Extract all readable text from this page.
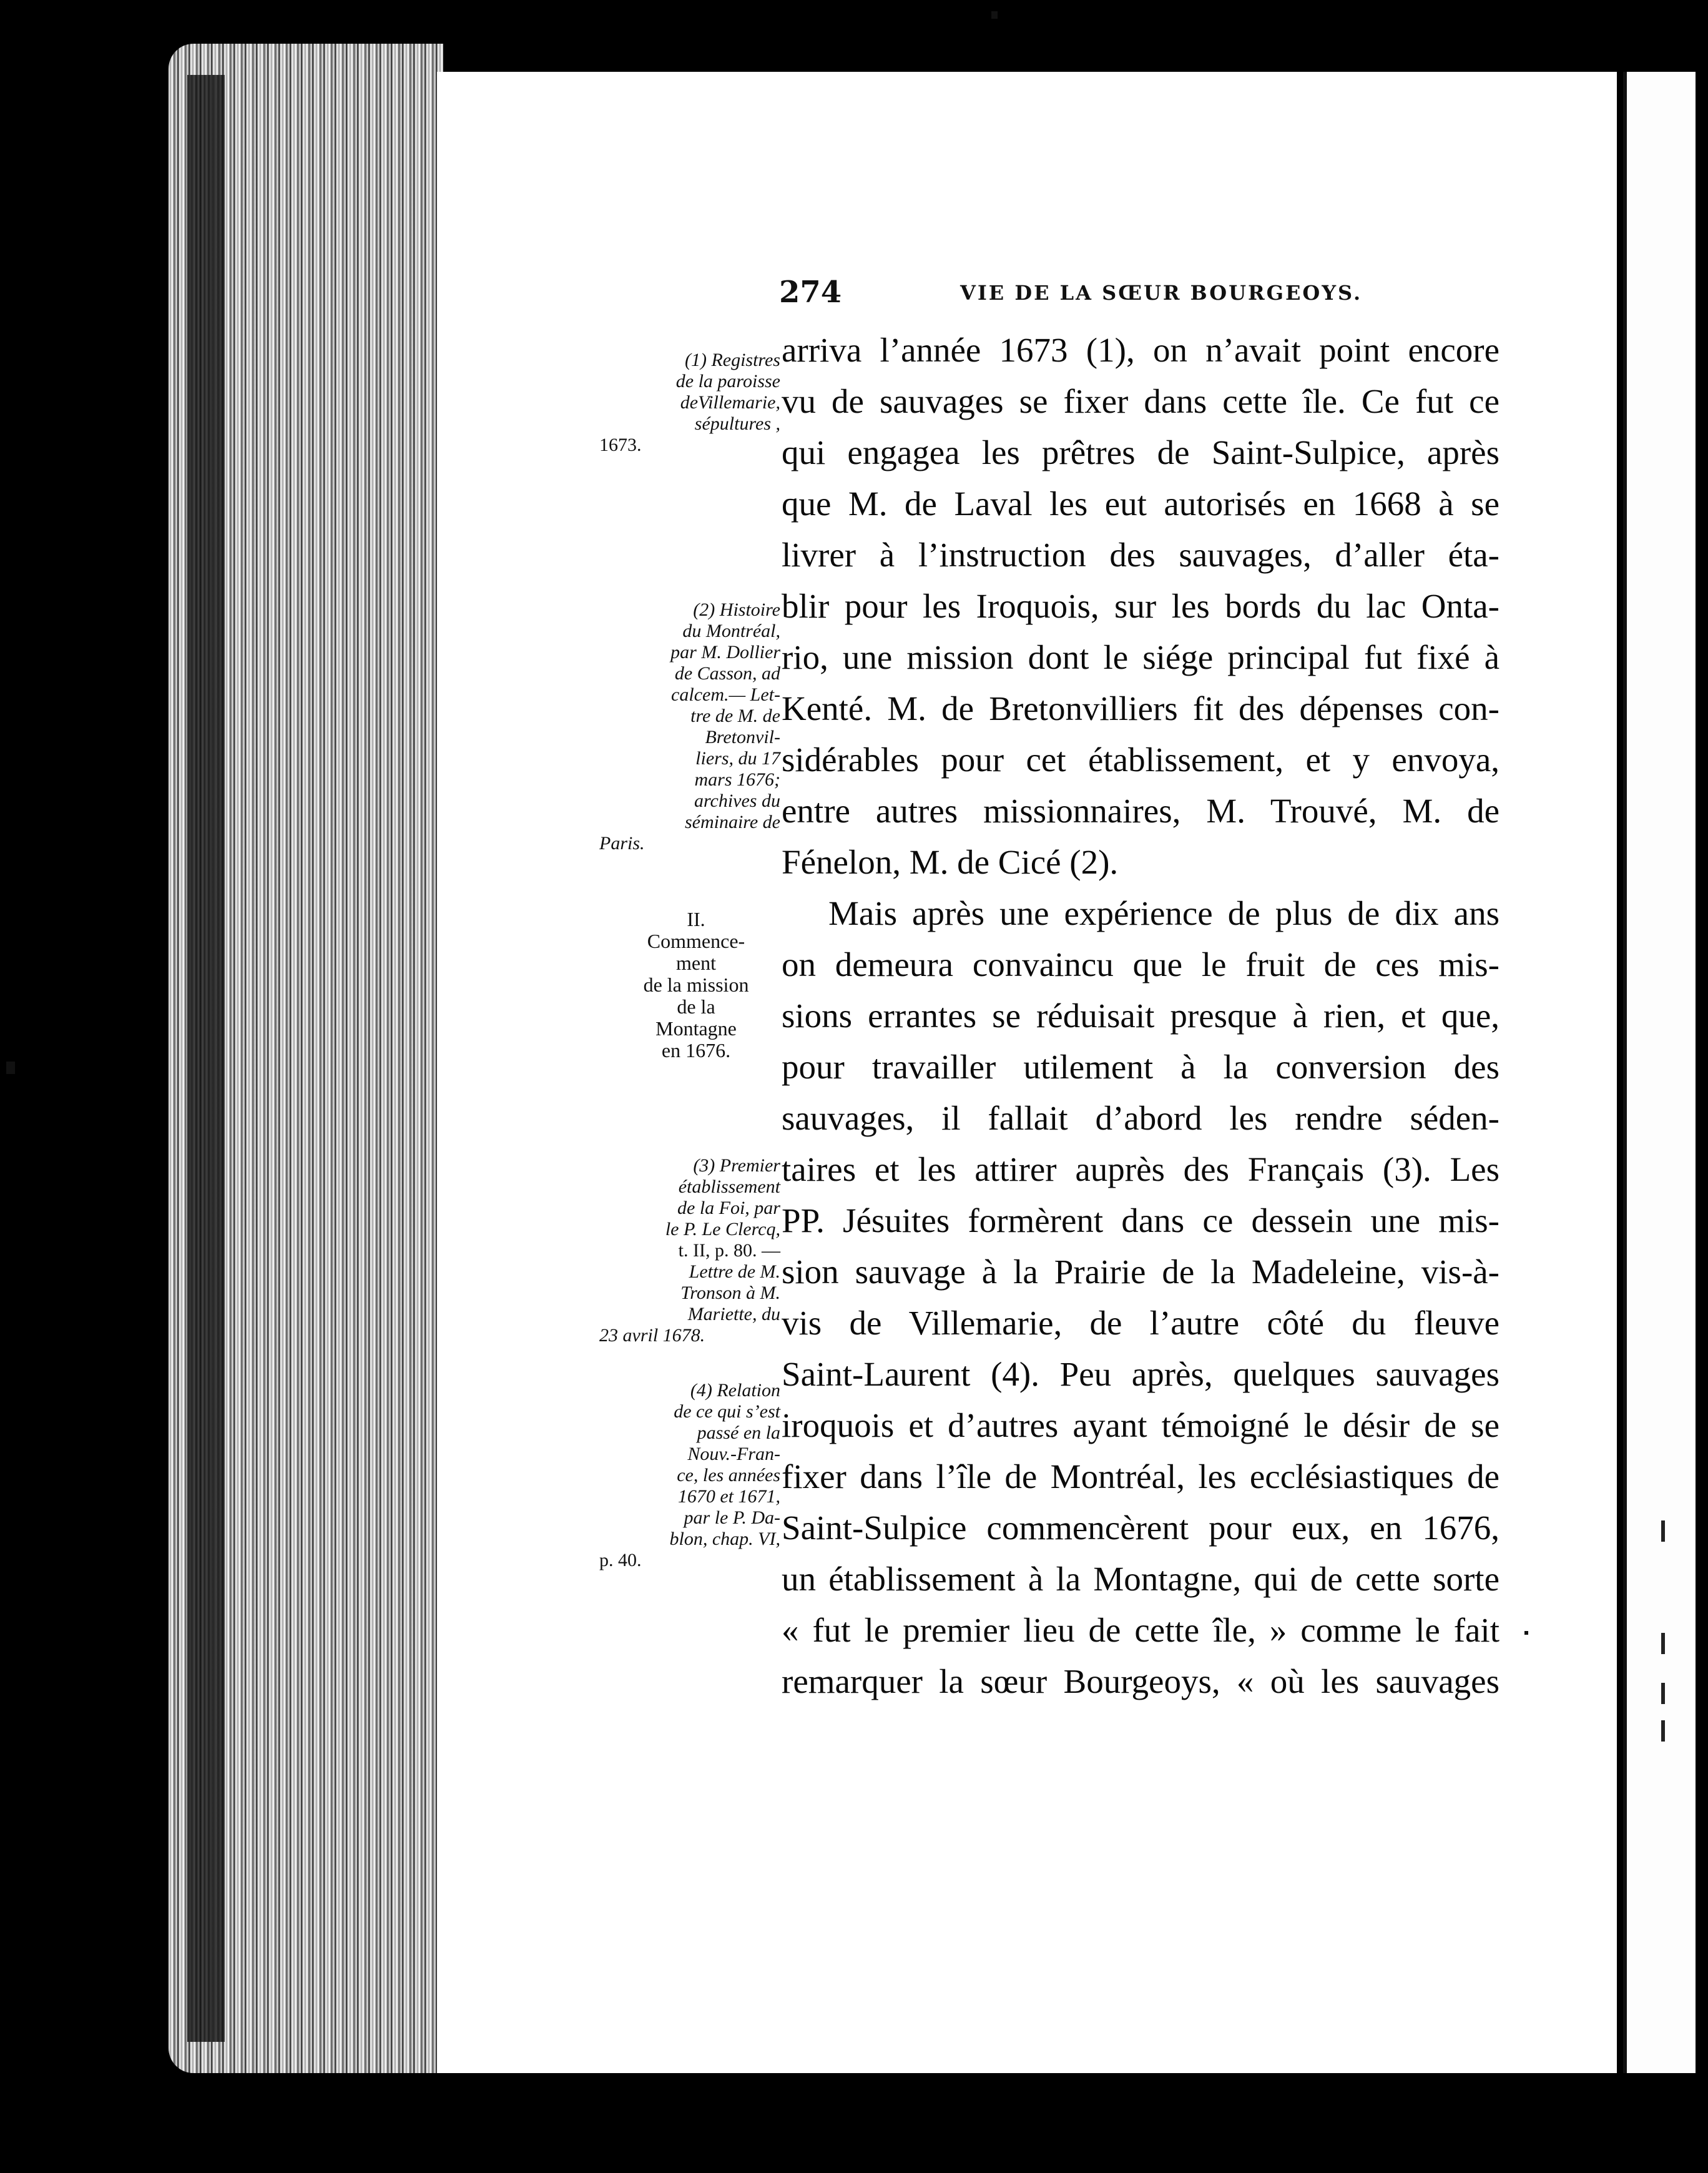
274	VIE DE LA SŒUR BOURGEOYS.
(1) Registres
de la paroisse
deVillemarie,
sépultures ,
1673.
(2) Histoire
du Montréal,
par M. Dollier
de Casson, ad
calcem.— Let-
tre de M. de
Bretonvil-
liers, du 17
mars 1676;
archives du
séminaire de
Paris.
II.
Commence-
ment
de la mission
de la
Montagne
en 1676.
(3) Premier
établissement
de la Foi, par
le P. Le Clercq,
t. II, p. 80. —
Lettre de M.
Tronson à M.
Mariette, du
23 avril 1678.
(4) Relation
de ce qui s’est
passé en la
Nouv.-Fran-
ce, les années
1670 et 1671,
par le P. Da-
blon, chap. VI,
p. 40.
arriva l’année 1673 (1), on n’avait point encore
vu de sauvages se fixer dans cette île. Ce fut ce
qui engagea les prêtres de Saint-Sulpice, après
que M. de Laval les eut autorisés en 1668 à se
livrer à l’instruction des sauvages, d’aller éta-
blir pour les Iroquois, sur les bords du lac Onta-
rio, une mission dont le siége principal fut fixé à
Kenté. M. de Bretonvilliers fit des dépenses con-
sidérables pour cet établissement, et y envoya,
entre autres missionnaires, M. Trouvé, M. de
Fénelon, M. de Cicé (2).
Mais après une expérience de plus de dix ans
on demeura convaincu que le fruit de ces mis-
sions errantes se réduisait presque à rien, et que,
pour travailler utilement à la conversion des
sauvages, il fallait d’abord les rendre séden-
taires et les attirer auprès des Français (3). Les
PP. Jésuites formèrent dans ce dessein une mis-
sion sauvage à la Prairie de la Madeleine, vis-à-
vis de Villemarie, de l’autre côté du fleuve
Saint-Laurent (4). Peu après, quelques sauvages
iroquois et d’autres ayant témoigné le désir de se
fixer dans l’île de Montréal, les ecclésiastiques de
Saint-Sulpice commencèrent pour eux, en 1676,
un établissement à la Montagne, qui de cette sorte
« fut le premier lieu de cette île, » comme le fait
remarquer la sœur Bourgeoys, « où les sauvages
